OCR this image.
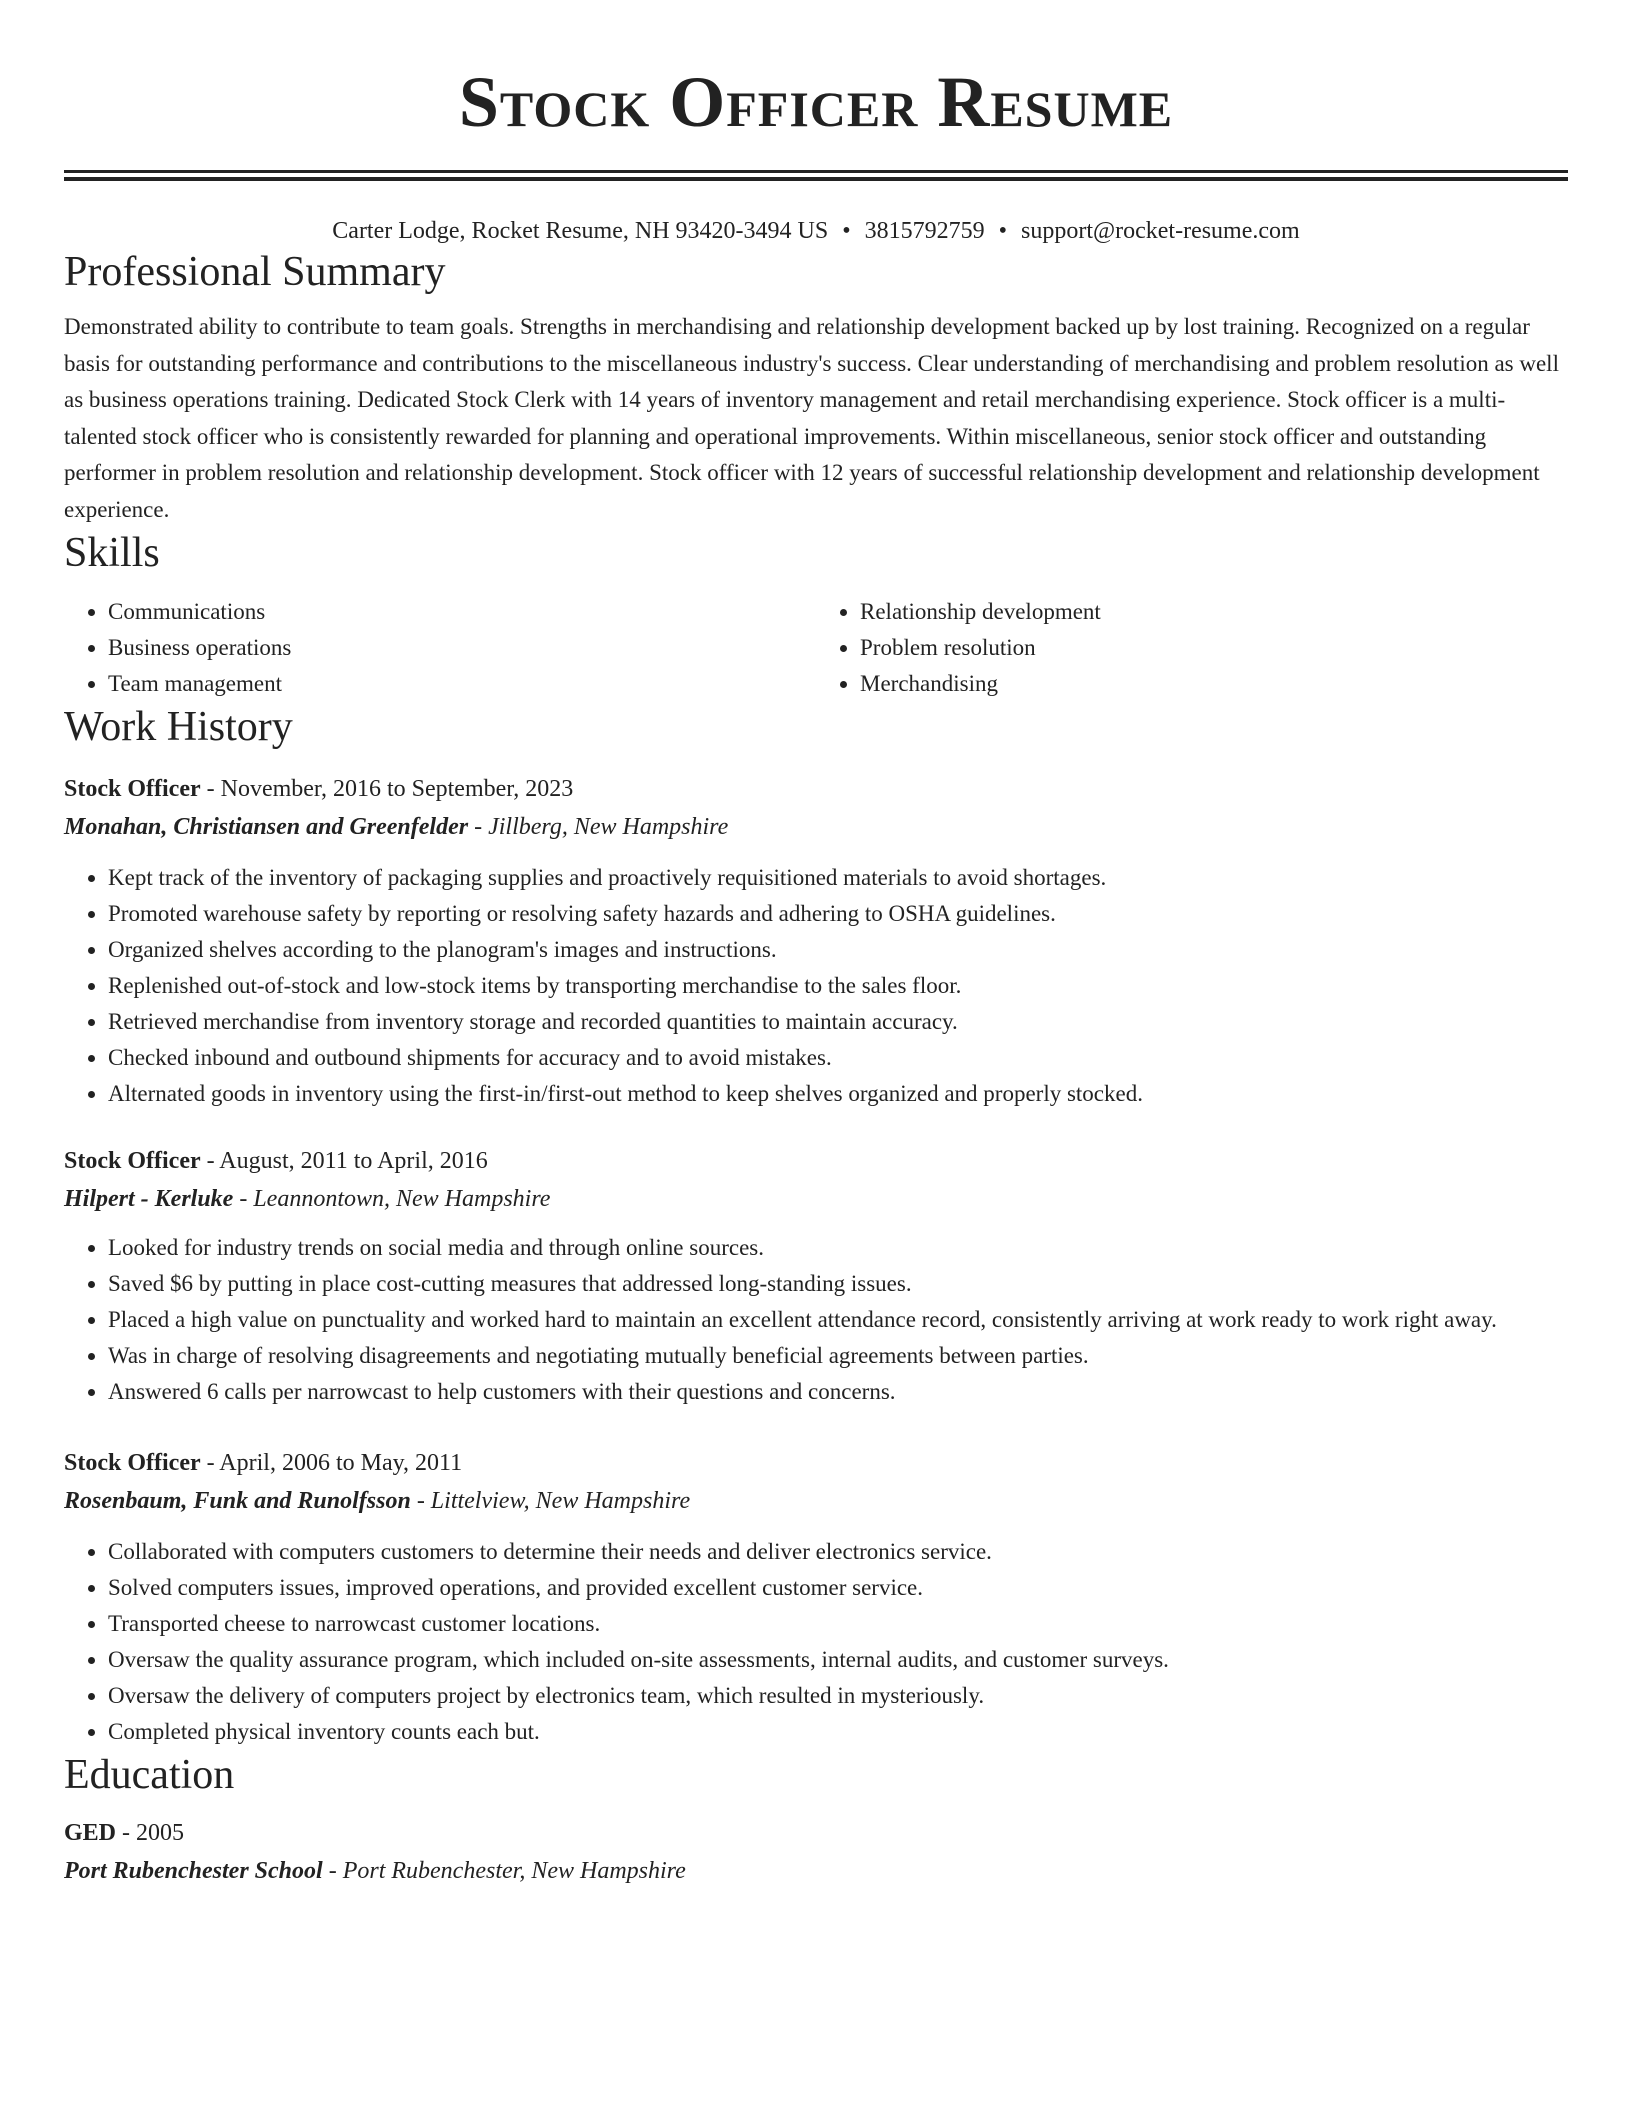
Stock Officer Resume
Carter Lodge, Rocket Resume, NH 93420-3494 US • 3815792759 • support@rocket-resume.com
Professional Summary

Demonstrated ability to contribute to team goals. Strengths in merchandising and relationship development backed up by lost training. Recognized on a regular basis for outstanding performance and contributions to the miscellaneous industry's success. Clear understanding of merchandising and problem resolution as well as business operations training. Dedicated Stock Clerk with 14 years of inventory management and retail merchandising experience. Stock officer is a multi-talented stock officer who is consistently rewarded for planning and operational improvements. Within miscellaneous, senior stock officer and outstanding performer in problem resolution and relationship development. Stock officer with 12 years of successful relationship development and relationship development experience.

Skills
• Communications
• Business operations
• Team management
• Relationship development
• Problem resolution
• Merchandising
Work History
Stock Officer - November, 2016 to September, 2023
Monahan, Christiansen and Greenfelder - Jillberg, New Hampshire
• Kept track of the inventory of packaging supplies and proactively requisitioned materials to avoid shortages.
• Promoted warehouse safety by reporting or resolving safety hazards and adhering to OSHA guidelines.
• Organized shelves according to the planogram's images and instructions.
• Replenished out-of-stock and low-stock items by transporting merchandise to the sales floor.
• Retrieved merchandise from inventory storage and recorded quantities to maintain accuracy.
• Checked inbound and outbound shipments for accuracy and to avoid mistakes.
• Alternated goods in inventory using the first-in/first-out method to keep shelves organized and properly stocked.
Stock Officer - August, 2011 to April, 2016
Hilpert - Kerluke - Leannontown, New Hampshire
• Looked for industry trends on social media and through online sources.
• Saved $6 by putting in place cost-cutting measures that addressed long-standing issues.
• Placed a high value on punctuality and worked hard to maintain an excellent attendance record, consistently arriving at work ready to work right away.
• Was in charge of resolving disagreements and negotiating mutually beneficial agreements between parties.
• Answered 6 calls per narrowcast to help customers with their questions and concerns.
Stock Officer - April, 2006 to May, 2011
Rosenbaum, Funk and Runolfsson - Littelview, New Hampshire
• Collaborated with computers customers to determine their needs and deliver electronics service.
• Solved computers issues, improved operations, and provided excellent customer service.
• Transported cheese to narrowcast customer locations.
• Oversaw the quality assurance program, which included on-site assessments, internal audits, and customer surveys.
• Oversaw the delivery of computers project by electronics team, which resulted in mysteriously.
• Completed physical inventory counts each but.
Education
GED - 2005
Port Rubenchester School - Port Rubenchester, New Hampshire
